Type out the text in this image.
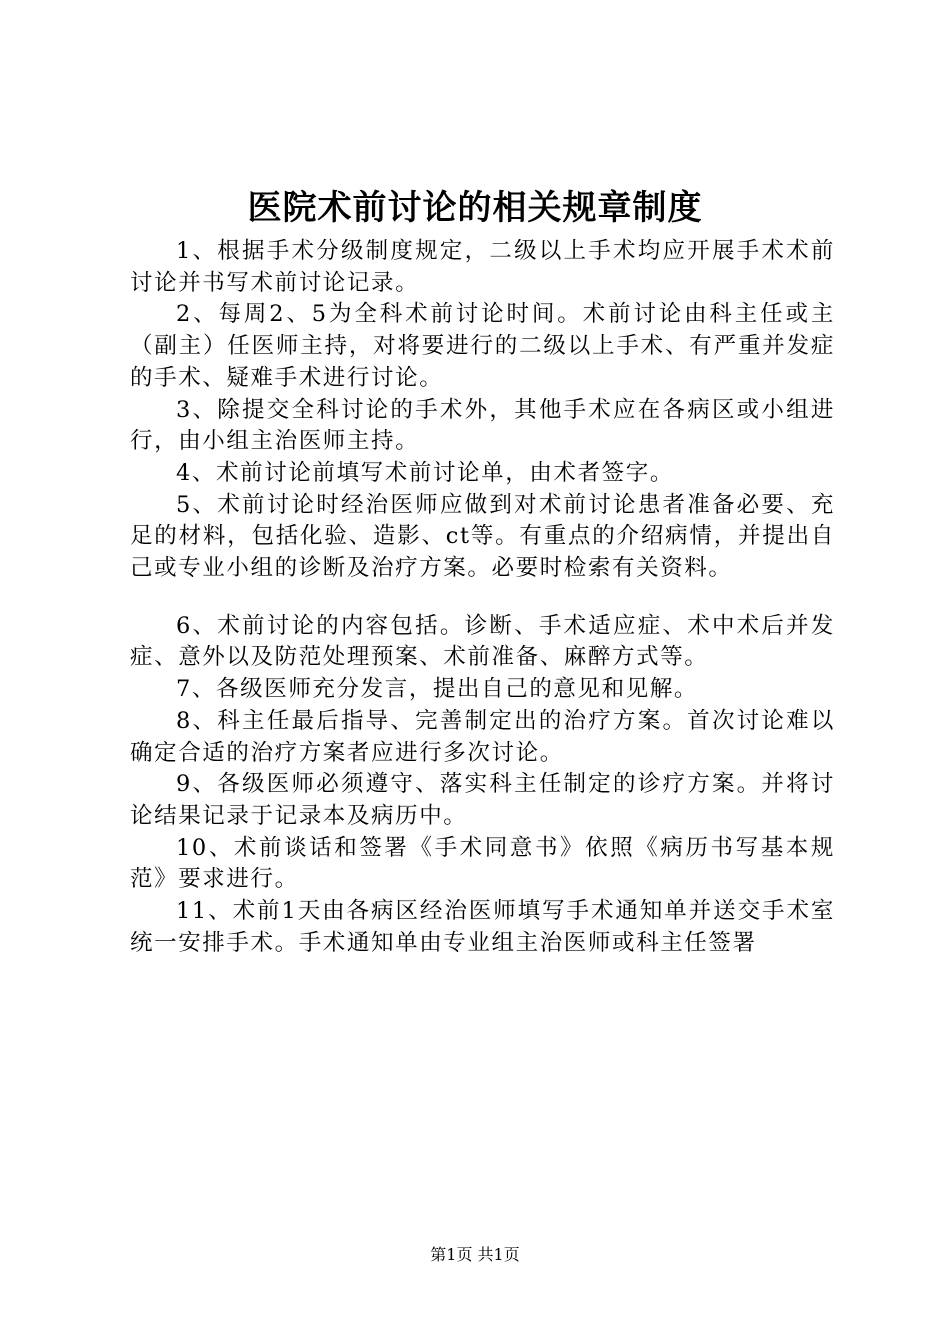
医院术前讨论的相关规章制度

1、根据手术分级制度规定，二级以上手术均应开展手术术前讨论并书写术前讨论记录。

2、每周2、5为全科术前讨论时间。术前讨论由科主任或主（副主）任医师主持，对将要进行的二级以上手术、有严重并发症的手术、疑难手术进行讨论。

3、除提交全科讨论的手术外，其他手术应在各病区或小组进行，由小组主治医师主持。

4、术前讨论前填写术前讨论单，由术者签字。

5、术前讨论时经治医师应做到对术前讨论患者准备必要、充足的材料，包括化验、造影、ct等。有重点的介绍病情，并提出自己或专业小组的诊断及治疗方案。必要时检索有关资料。

6、术前讨论的内容包括。诊断、手术适应症、术中术后并发症、意外以及防范处理预案、术前准备、麻醉方式等。

7、各级医师充分发言，提出自己的意见和见解。

8、科主任最后指导、完善制定出的治疗方案。首次讨论难以确定合适的治疗方案者应进行多次讨论。

9、各级医师必须遵守、落实科主任制定的诊疗方案。并将讨论结果记录于记录本及病历中。

10、术前谈话和签署《手术同意书》依照《病历书写基本规范》要求进行。

11、术前1天由各病区经治医师填写手术通知单并送交手术室统一安排手术。手术通知单由专业组主治医师或科主任签署

第1页 共1页
